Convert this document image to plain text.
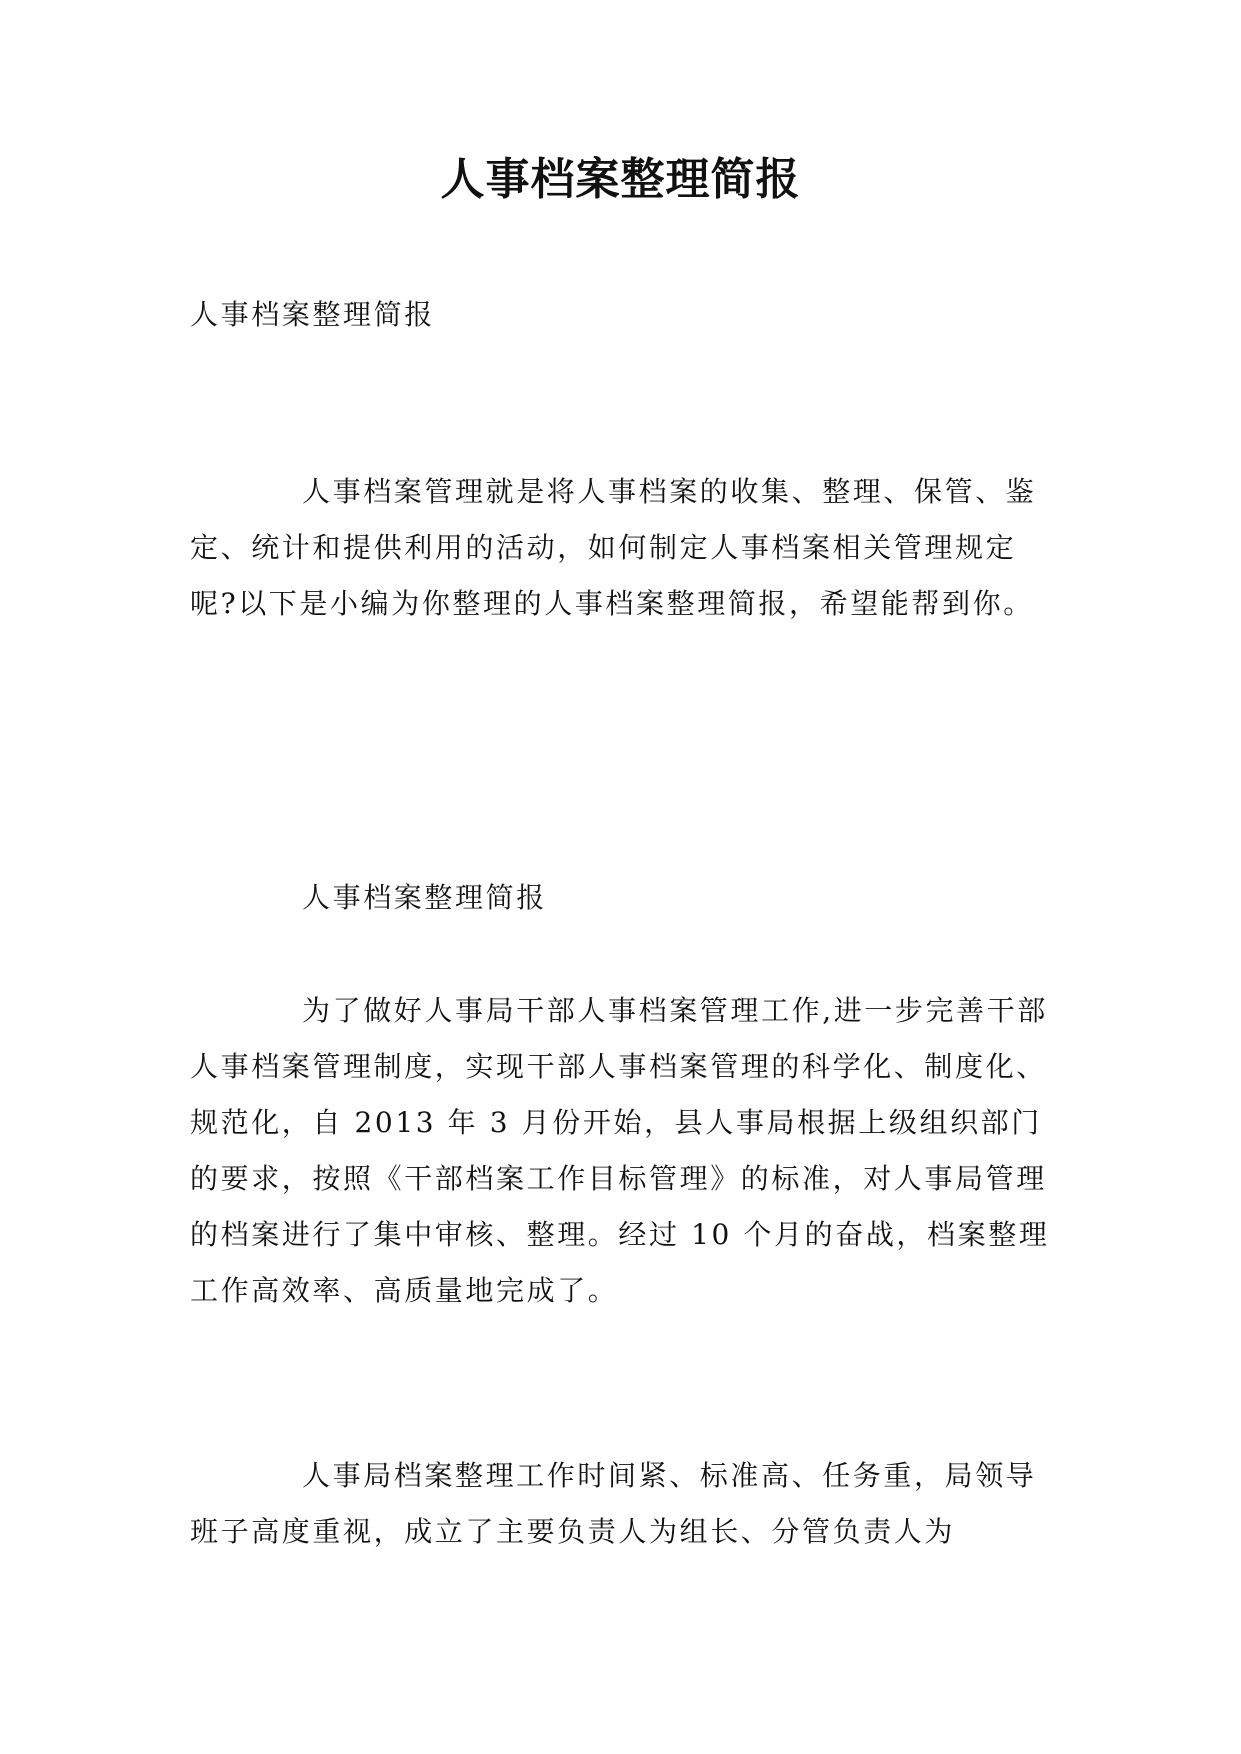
人事档案整理简报

人事档案整理简报

人事档案管理就是将人事档案的收集、整理、保管、鉴定、统计和提供利用的活动，如何制定人事档案相关管理规定呢?以下是小编为你整理的人事档案整理简报，希望能帮到你。

人事档案整理简报

为了做好人事局干部人事档案管理工作,进一步完善干部人事档案管理制度，实现干部人事档案管理的科学化、制度化、规范化，自 2013 年 3 月份开始，县人事局根据上级组织部门的要求，按照《干部档案工作目标管理》的标准，对人事局管理的档案进行了集中审核、整理。经过 10 个月的奋战，档案整理工作高效率、高质量地完成了。

人事局档案整理工作时间紧、标准高、任务重，局领导班子高度重视，成立了主要负责人为组长、分管负责人为
